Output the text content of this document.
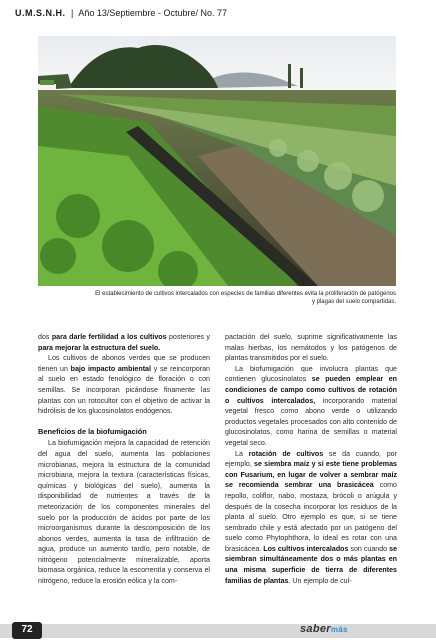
U.M.S.N.H. | Año 13/Septiembre - Octubre/ No. 77
El establecimiento de cultivos intercalados con especies de familias diferentes evita la proliferación de patógenos
y plagas del suelo compartidas.

dos para darle fertilidad a los cultivos posteriores y para mejorar la estructura del suelo.

Los cultivos de abonos verdes que se producen tienen un bajo impacto ambiental y se reincorporan al suelo en estado fenológico de floración o con semillas. Se incorporan picándose finamente las plantas con un rotocultor con el objetivo de activar la hidrólisis de los glucosinolatos endógenos.

Beneficios de la biofumigación

La biofumigación mejora la capacidad de retención del agua del suelo, aumenta las poblaciones microbianas, mejora la estructura de la comunidad microbiana, mejora la textura (características físicas, químicas y biológicas del suelo), aumenta la disponibilidad de nutrientes a través de la meteorización de los componentes minerales del suelo por la producción de ácidos por parte de los microorganismos durante la descomposición de los abonos verdes, aumenta la tasa de infiltración de agua, produce un aumento tardío, pero notable, de nitrógeno potencialmente mineralizable, aporta biomasa orgánica, reduce la escorrentía y conserva el nitrógeno, reduce la erosión eólica y la com-

pactación del suelo, suprime significativamente las malas hierbas, los nemátodos y los patógenos de plantas transmitidos por el suelo.

La biofumigación que involucra plantas que contienen glucosinolatos se pueden emplear en condiciones de campo como cultivos de rotación o cultivos intercalados, incorporando material vegetal fresco como abono verde o utilizando productos vegetales procesados con alto contenido de glucosinolatos, como harina de semillas o material vegetal seco.

La rotación de cultivos se da cuando, por ejemplo, se siembra maíz y si este tiene problemas con Fusarium, en lugar de volver a sembrar maíz se recomienda sembrar una brasicácea como repollo, coliflor, nabo, mostaza, brócoli o arúgula y después de la cosecha incorporar los residuos de la planta al suelo. Otro ejemplo es que, si se tiene sembrado chile y está afectado por un patógeno del suelo como Phytophthora, lo ideal es rotar con una brasicácea. Los cultivos intercalados son cuando se siembran simultáneamente dos o más plantas en una misma superficie de tierra de diferentes familias de plantas. Un ejemplo de cul-

72	sabermás
